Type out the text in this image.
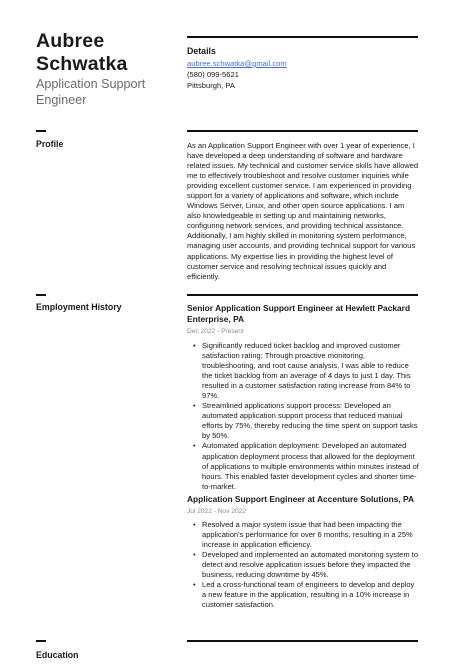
Aubree Schwatka
Application Support Engineer
Details
aubree.schwatka@gmail.com
(580) 099-5621
Pittsburgh, PA
Profile	As an Application Support Engineer with over 1 year of experience, I have developed a deep understanding of software and hardware related issues. My technical and customer service skills have allowed me to effectively troubleshoot and resolve customer inquiries while providing excellent customer service. I am experienced in providing support for a variety of applications and software, which include Windows Server, Linux, and other open source applications. I am also knowledgeable in setting up and maintaining networks, configuring network services, and providing technical assistance. Additionally, I am highly skilled in monitoring system performance, managing user accounts, and providing technical support for various applications. My expertise lies in providing the highest level of customer service and resolving technical issues quickly and efficiently.
Employment History	Senior Application Support Engineer at Hewlett Packard Enterprise, PA
Dec 2022 - Present
• Significantly reduced ticket backlog and improved customer satisfaction rating: Through proactive monitoring, troubleshooting, and root cause analysis, I was able to reduce the ticket backlog from an average of 4 days to just 1 day. This resulted in a customer satisfaction rating increase from 84% to 97%.
• Streamlined applications support process: Developed an automated application support process that reduced manual efforts by 75%, thereby reducing the time spent on support tasks by 50%.
• Automated application deployment: Developed an automated application deployment process that allowed for the deployment of applications to multiple environments within minutes instead of hours. This enabled faster development cycles and shorter time-to-market.
Application Support Engineer at Accenture Solutions, PA
Jul 2022 - Nov 2022
• Resolved a major system issue that had been impacting the application's performance for over 6 months, resulting in a 25% increase in application efficiency.
• Developed and implemented an automated monitoring system to detect and resolve application issues before they impacted the business, reducing downtime by 45%.
• Led a cross-functional team of engineers to develop and deploy a new feature in the application, resulting in a 10% increase in customer satisfaction.
Education
